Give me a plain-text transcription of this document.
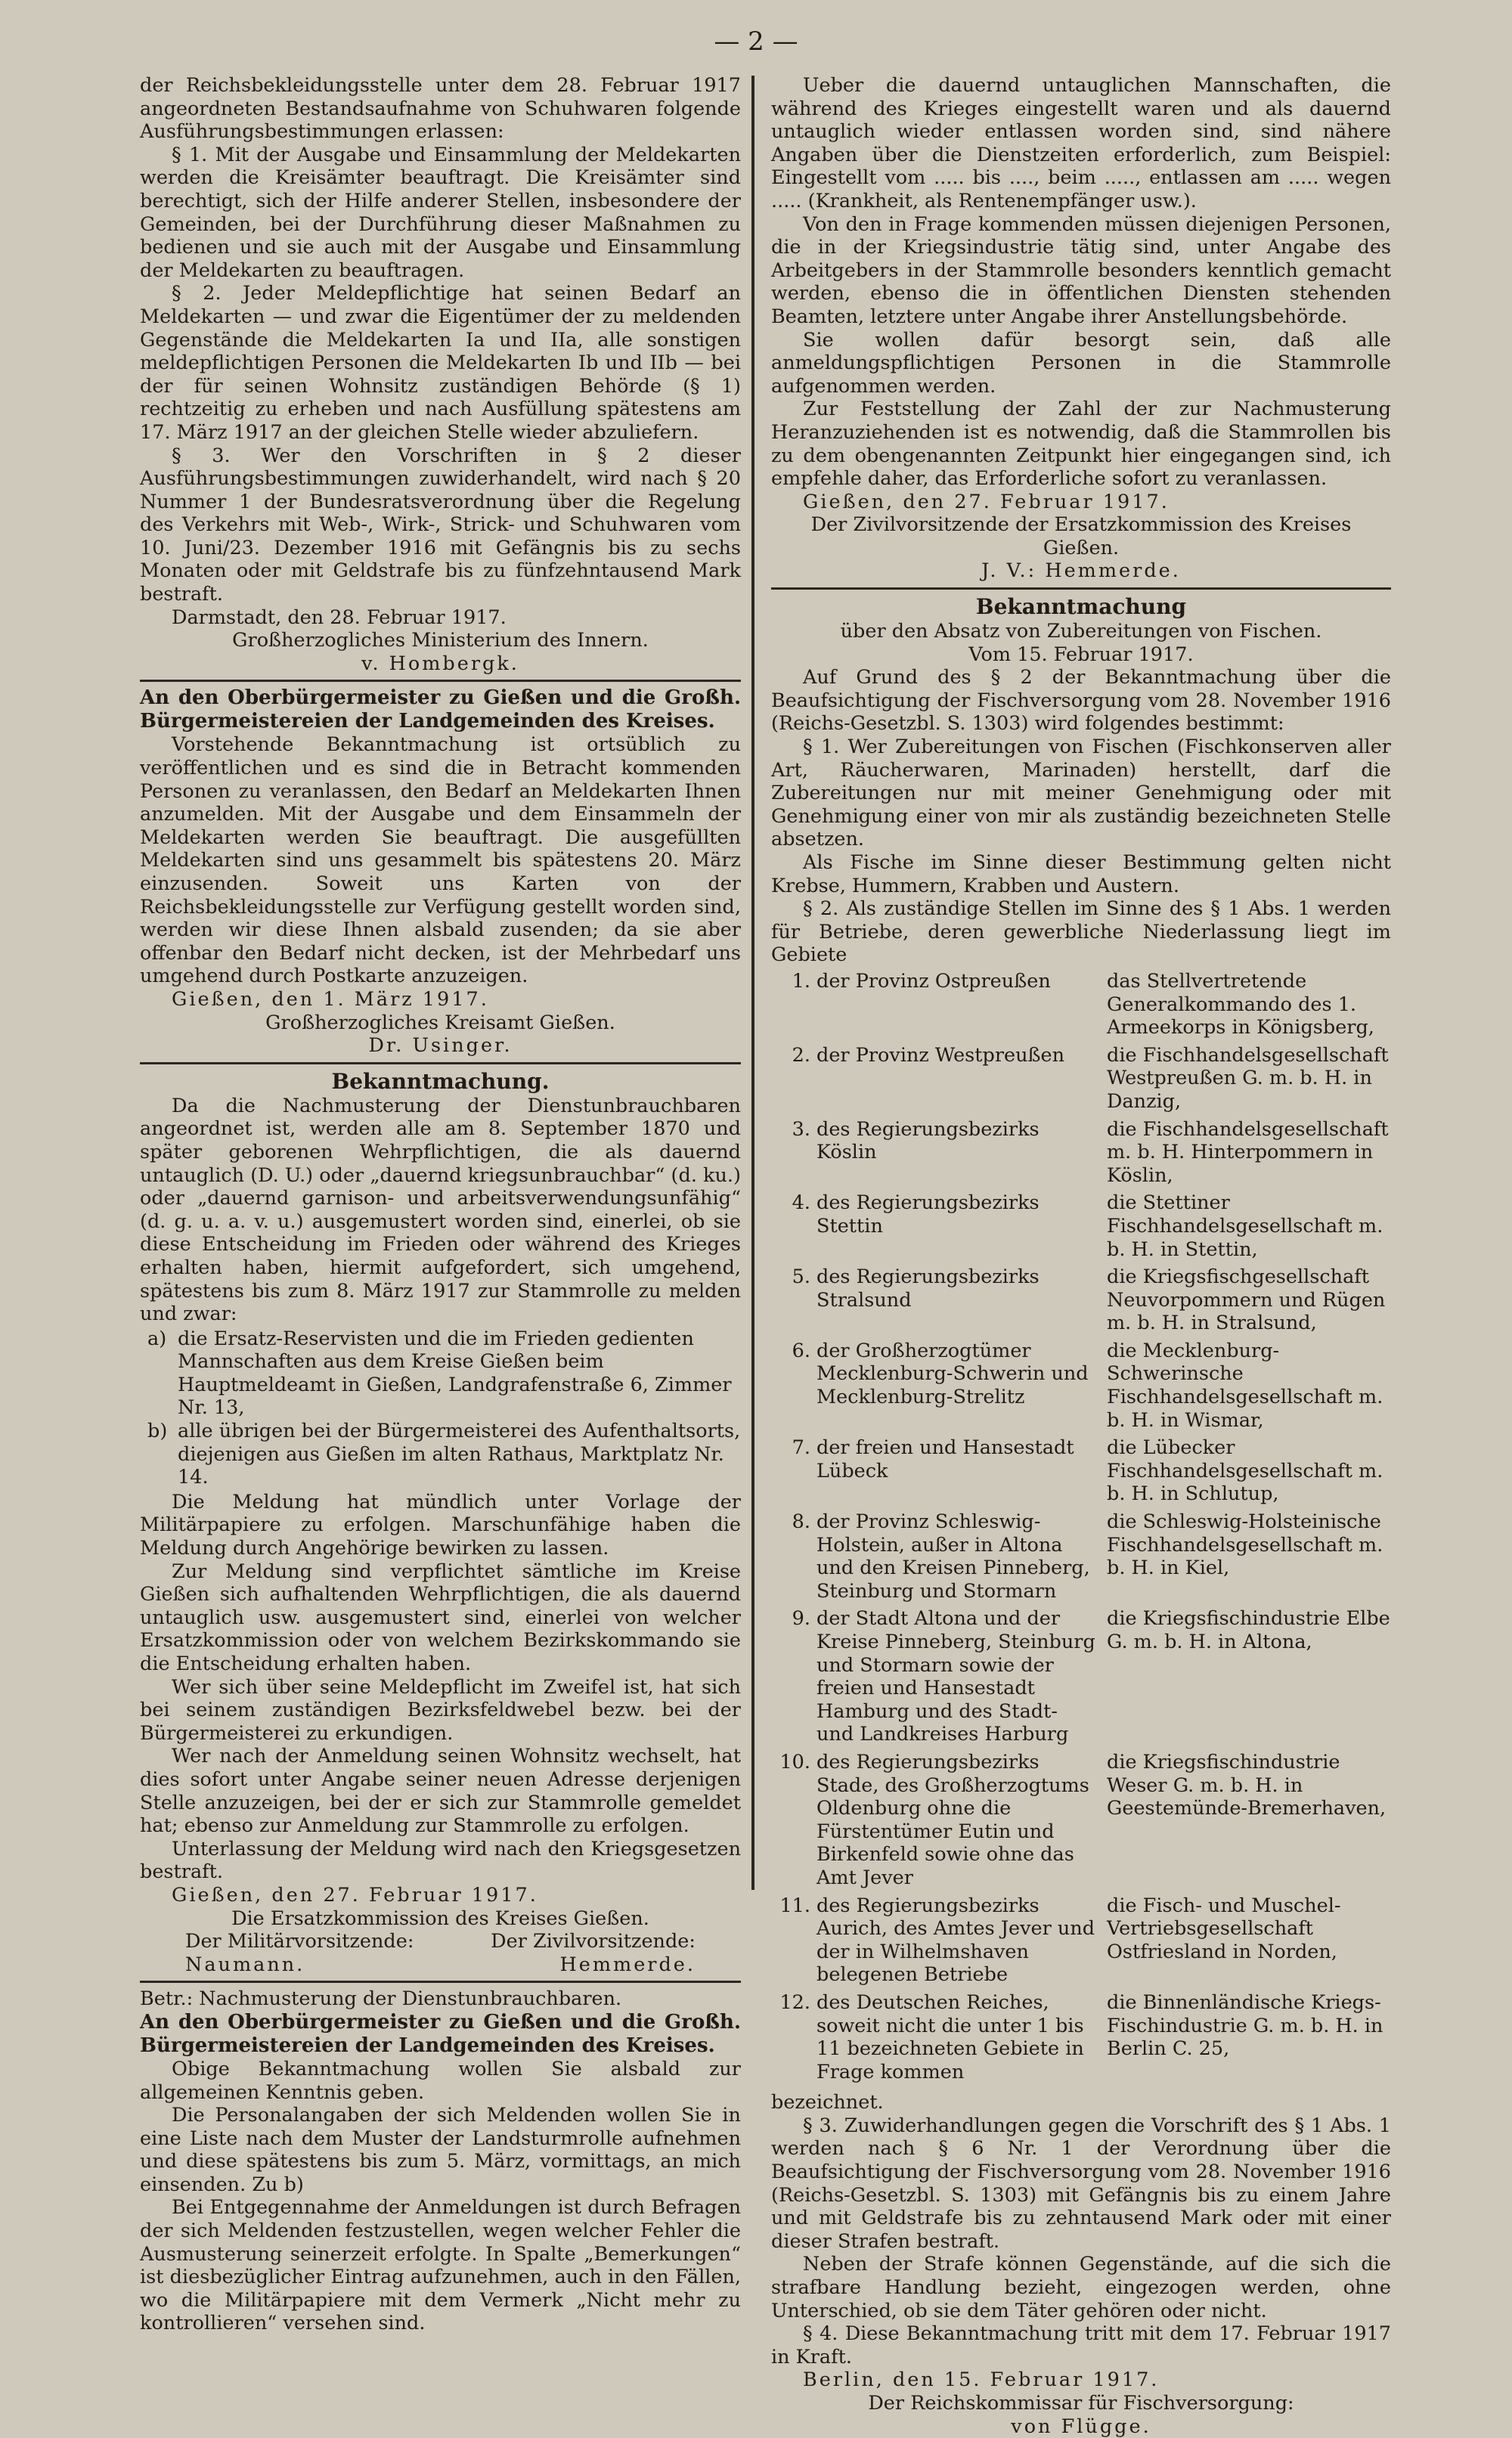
— 2 —

der Reichsbekleidungsstelle unter dem 28. Februar 1917 angeordneten Bestandsaufnahme von Schuhwaren folgende Ausführungsbestimmungen erlassen:

§ 1. Mit der Ausgabe und Einsammlung der Meldekarten werden die Kreisämter beauftragt. Die Kreisämter sind berechtigt, sich der Hilfe anderer Stellen, insbesondere der Gemeinden, bei der Durchführung dieser Maßnahmen zu bedienen und sie auch mit der Ausgabe und Einsammlung der Meldekarten zu beauftragen.

§ 2. Jeder Meldepflichtige hat seinen Bedarf an Meldekarten — und zwar die Eigentümer der zu meldenden Gegenstände die Meldekarten Ia und IIa, alle sonstigen meldepflichtigen Personen die Meldekarten Ib und IIb — bei der für seinen Wohnsitz zuständigen Behörde (§ 1) rechtzeitig zu erheben und nach Ausfüllung spätestens am 17. März 1917 an der gleichen Stelle wieder abzuliefern.

§ 3. Wer den Vorschriften in § 2 dieser Ausführungsbestimmungen zuwiderhandelt, wird nach § 20 Nummer 1 der Bundesratsverordnung über die Regelung des Verkehrs mit Web-, Wirk-, Strick- und Schuhwaren vom 10. Juni/23. Dezember 1916 mit Gefängnis bis zu sechs Monaten oder mit Geldstrafe bis zu fünfzehntausend Mark bestraft.

Darmstadt, den 28. Februar 1917.

Großherzogliches Ministerium des Innern.

v. Hombergk.

An den Oberbürgermeister zu Gießen und die Großh. Bürgermeistereien der Landgemeinden des Kreises.

Vorstehende Bekanntmachung ist ortsüblich zu veröffentlichen und es sind die in Betracht kommenden Personen zu veranlassen, den Bedarf an Meldekarten Ihnen anzumelden. Mit der Ausgabe und dem Einsammeln der Meldekarten werden Sie beauftragt. Die ausgefüllten Meldekarten sind uns gesammelt bis spätestens 20. März einzusenden. Soweit uns Karten von der Reichsbekleidungsstelle zur Verfügung gestellt worden sind, werden wir diese Ihnen alsbald zusenden; da sie aber offenbar den Bedarf nicht decken, ist der Mehrbedarf uns umgehend durch Postkarte anzuzeigen.

Gießen, den 1. März 1917.

Großherzogliches Kreisamt Gießen.

Dr. Usinger.

Bekanntmachung.

Da die Nachmusterung der Dienstunbrauchbaren angeordnet ist, werden alle am 8. September 1870 und später geborenen Wehrpflichtigen, die als dauernd untauglich (D. U.) oder „dauernd kriegsunbrauchbar“ (d. ku.) oder „dauernd garnison- und arbeitsverwendungsunfähig“ (d. g. u. a. v. u.) ausgemustert worden sind, einerlei, ob sie diese Entscheidung im Frieden oder während des Krieges erhalten haben, hiermit aufgefordert, sich umgehend, spätestens bis zum 8. März 1917 zur Stammrolle zu melden und zwar:

a) die Ersatz-Reservisten und die im Frieden gedienten Mannschaften aus dem Kreise Gießen beim Hauptmeldeamt in Gießen, Landgrafenstraße 6, Zimmer Nr. 13,
b) alle übrigen bei der Bürgermeisterei des Aufenthaltsorts, diejenigen aus Gießen im alten Rathaus, Marktplatz Nr. 14.

Die Meldung hat mündlich unter Vorlage der Militärpapiere zu erfolgen. Marschunfähige haben die Meldung durch Angehörige bewirken zu lassen.

Zur Meldung sind verpflichtet sämtliche im Kreise Gießen sich aufhaltenden Wehrpflichtigen, die als dauernd untauglich usw. ausgemustert sind, einerlei von welcher Ersatzkommission oder von welchem Bezirkskommando sie die Entscheidung erhalten haben.

Wer sich über seine Meldepflicht im Zweifel ist, hat sich bei seinem zuständigen Bezirksfeldwebel bezw. bei der Bürgermeisterei zu erkundigen.

Wer nach der Anmeldung seinen Wohnsitz wechselt, hat dies sofort unter Angabe seiner neuen Adresse derjenigen Stelle anzuzeigen, bei der er sich zur Stammrolle gemeldet hat; ebenso zur Anmeldung zur Stammrolle zu erfolgen.

Unterlassung der Meldung wird nach den Kriegsgesetzen bestraft.

Gießen, den 27. Februar 1917.

Die Ersatzkommission des Kreises Gießen.

Der Militärvorsitzende:	Der Zivilvorsitzende:
Naumann.	Hemmerde.

Betr.: Nachmusterung der Dienstunbrauchbaren.

An den Oberbürgermeister zu Gießen und die Großh. Bürgermeistereien der Landgemeinden des Kreises.

Obige Bekanntmachung wollen Sie alsbald zur allgemeinen Kenntnis geben.

Die Personalangaben der sich Meldenden wollen Sie in eine Liste nach dem Muster der Landsturmrolle aufnehmen und diese spätestens bis zum 5. März, vormittags, an mich einsenden. Zu b)

Bei Entgegennahme der Anmeldungen ist durch Befragen der sich Meldenden festzustellen, wegen welcher Fehler die Ausmusterung seinerzeit erfolgte. In Spalte „Bemerkungen“ ist diesbezüglicher Eintrag aufzunehmen, auch in den Fällen, wo die Militärpapiere mit dem Vermerk „Nicht mehr zu kontrollieren“ versehen sind.

Ueber die dauernd untauglichen Mannschaften, die während des Krieges eingestellt waren und als dauernd untauglich wieder entlassen worden sind, sind nähere Angaben über die Dienstzeiten erforderlich, zum Beispiel: Eingestellt vom ..... bis ...., beim ....., entlassen am ..... wegen ..... (Krankheit, als Rentenempfänger usw.).

Von den in Frage kommenden müssen diejenigen Personen, die in der Kriegsindustrie tätig sind, unter Angabe des Arbeitgebers in der Stammrolle besonders kenntlich gemacht werden, ebenso die in öffentlichen Diensten stehenden Beamten, letztere unter Angabe ihrer Anstellungsbehörde.

Sie wollen dafür besorgt sein, daß alle anmeldungspflichtigen Personen in die Stammrolle aufgenommen werden.

Zur Feststellung der Zahl der zur Nachmusterung Heranzuziehenden ist es notwendig, daß die Stammrollen bis zu dem obengenannten Zeitpunkt hier eingegangen sind, ich empfehle daher, das Erforderliche sofort zu veranlassen.

Gießen, den 27. Februar 1917.

Der Zivilvorsitzende der Ersatzkommission des Kreises Gießen.

J. V.: Hemmerde.

Bekanntmachung

über den Absatz von Zubereitungen von Fischen.

Vom 15. Februar 1917.

Auf Grund des § 2 der Bekanntmachung über die Beaufsichtigung der Fischversorgung vom 28. November 1916 (Reichs-Gesetzbl. S. 1303) wird folgendes bestimmt:

§ 1. Wer Zubereitungen von Fischen (Fischkonserven aller Art, Räucherwaren, Marinaden) herstellt, darf die Zubereitungen nur mit meiner Genehmigung oder mit Genehmigung einer von mir als zuständig bezeichneten Stelle absetzen.

Als Fische im Sinne dieser Bestimmung gelten nicht Krebse, Hummern, Krabben und Austern.

§ 2. Als zuständige Stellen im Sinne des § 1 Abs. 1 werden für Betriebe, deren gewerbliche Niederlassung liegt im Gebiete

1.	der Provinz Ostpreußen	das Stellvertretende Generalkommando des 1. Armeekorps in Königsberg,
2.	der Provinz Westpreußen	die Fischhandelsgesellschaft Westpreußen G. m. b. H. in Danzig,
3.	des Regierungsbezirks Köslin	die Fischhandelsgesellschaft m. b. H. Hinterpommern in Köslin,
4.	des Regierungsbezirks Stettin	die Stettiner Fischhandelsgesellschaft m. b. H. in Stettin,
5.	des Regierungsbezirks Stralsund	die Kriegsfischgesellschaft Neuvorpommern und Rügen m. b. H. in Stralsund,
6.	der Großherzogtümer Mecklenburg-Schwerin und Mecklenburg-Strelitz	die Mecklenburg-Schwerinsche Fischhandelsgesellschaft m. b. H. in Wismar,
7.	der freien und Hansestadt Lübeck	die Lübecker Fischhandelsgesellschaft m. b. H. in Schlutup,
8.	der Provinz Schleswig-Holstein, außer in Altona und den Kreisen Pinneberg, Steinburg und Stormarn	die Schleswig-Holsteinische Fischhandelsgesellschaft m. b. H. in Kiel,
9.	der Stadt Altona und der Kreise Pinneberg, Steinburg und Stormarn sowie der freien und Hansestadt Hamburg und des Stadt- und Landkreises Harburg	die Kriegsfischindustrie Elbe G. m. b. H. in Altona,
10.	des Regierungsbezirks Stade, des Großherzogtums Oldenburg ohne die Fürstentümer Eutin und Birkenfeld sowie ohne das Amt Jever	die Kriegsfischindustrie Weser G. m. b. H. in Geestemünde-Bremerhaven,
11.	des Regierungsbezirks Aurich, des Amtes Jever und der in Wilhelmshaven belegenen Betriebe	die Fisch- und Muschel-Vertriebsgesellschaft Ostfriesland in Norden,
12.	des Deutschen Reiches, soweit nicht die unter 1 bis 11 bezeichneten Gebiete in Frage kommen	die Binnenländische Kriegs-Fischindustrie G. m. b. H. in Berlin C. 25,

bezeichnet.

§ 3. Zuwiderhandlungen gegen die Vorschrift des § 1 Abs. 1 werden nach § 6 Nr. 1 der Verordnung über die Beaufsichtigung der Fischversorgung vom 28. November 1916 (Reichs-Gesetzbl. S. 1303) mit Gefängnis bis zu einem Jahre und mit Geldstrafe bis zu zehntausend Mark oder mit einer dieser Strafen bestraft.

Neben der Strafe können Gegenstände, auf die sich die strafbare Handlung bezieht, eingezogen werden, ohne Unterschied, ob sie dem Täter gehören oder nicht.

§ 4. Diese Bekanntmachung tritt mit dem 17. Februar 1917 in Kraft.

Berlin, den 15. Februar 1917.

Der Reichskommissar für Fischversorgung:

von Flügge.
